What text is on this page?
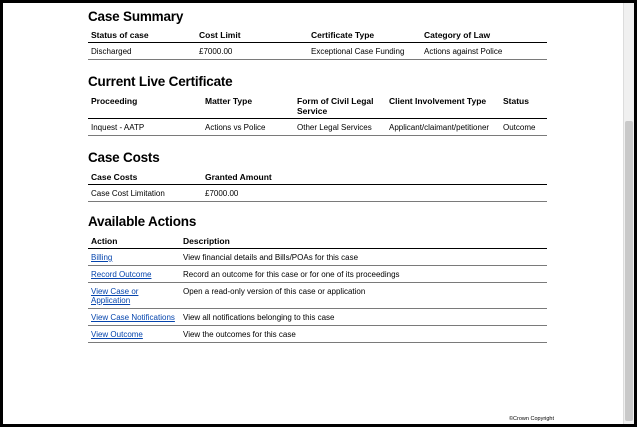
Case Summary
Status of case	Cost Limit	Certificate Type	Category of Law
Discharged	£7000.00	Exceptional Case Funding	Actions against Police
Current Live Certificate
Proceeding	Matter Type	Form of Civil Legal Service	Client Involvement Type	Status
Inquest - AATP	Actions vs Police	Other Legal Services	Applicant/claimant/petitioner	Outcome
Case Costs
Case Costs	Granted Amount
Case Cost Limitation	£7000.00
Available Actions
Action	Description
Billing	View financial details and Bills/POAs for this case
Record Outcome	Record an outcome for this case or for one of its proceedings
View Case or Application	Open a read-only version of this case or application
View Case Notifications	View all notifications belonging to this case
View Outcome	View the outcomes for this case
©Crown Copyright
